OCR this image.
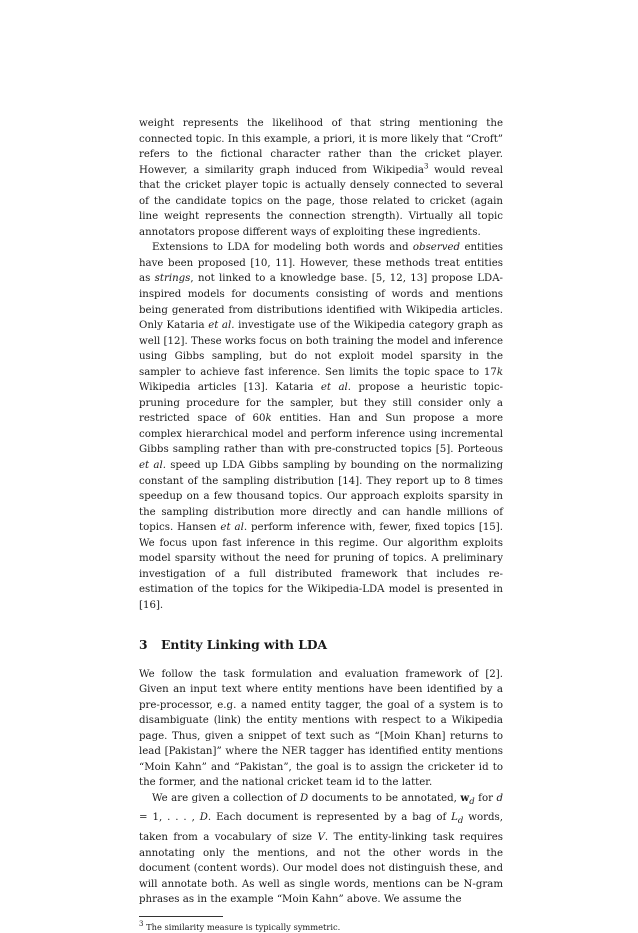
weight represents the likelihood of that string mentioning the connected topic. In this example, a priori, it is more likely that “Croft” refers to the fictional character rather than the cricket player. However, a similarity graph induced from Wikipedia$^3$ would reveal that the cricket player topic is actually densely connected to several of the candidate topics on the page, those related to cricket (again line weight represents the connection strength). Virtually all topic annotators propose different ways of exploiting these ingredients.

Extensions to LDA for modeling both words and observed entities have been proposed [10, 11]. However, these methods treat entities as strings, not linked to a knowledge base. [5, 12, 13] propose LDA-inspired models for documents consisting of words and mentions being generated from distributions identified with Wikipedia articles. Only Kataria et al. investigate use of the Wikipedia category graph as well [12]. These works focus on both training the model and inference using Gibbs sampling, but do not exploit model sparsity in the sampler to achieve fast inference. Sen limits the topic space to 17k Wikipedia articles [13]. Kataria et al. propose a heuristic topic-pruning procedure for the sampler, but they still consider only a restricted space of 60k entities. Han and Sun propose a more complex hierarchical model and perform inference using incremental Gibbs sampling rather than with pre-constructed topics [5]. Porteous et al. speed up LDA Gibbs sampling by bounding on the normalizing constant of the sampling distribution [14]. They report up to 8 times speedup on a few thousand topics. Our approach exploits sparsity in the sampling distribution more directly and can handle millions of topics. Hansen et al. perform inference with, fewer, fixed topics [15]. We focus upon fast inference in this regime. Our algorithm exploits model sparsity without the need for pruning of topics. A preliminary investigation of a full distributed framework that includes re-estimation of the topics for the Wikipedia-LDA model is presented in [16].

3 Entity Linking with LDA

We follow the task formulation and evaluation framework of [2]. Given an input text where entity mentions have been identified by a pre-processor, e.g. a named entity tagger, the goal of a system is to disambiguate (link) the entity mentions with respect to a Wikipedia page. Thus, given a snippet of text such as “[Moin Khan] returns to lead [Pakistan]” where the NER tagger has identified entity mentions “Moin Kahn” and “Pakistan”, the goal is to assign the cricketer id to the former, and the national cricket team id to the latter.

We are given a collection of D documents to be annotated, $w_d$ for d = 1, . . . , D. Each document is represented by a bag of $L_d$ words, taken from a vocabulary of size V. The entity-linking task requires annotating only the mentions, and not the other words in the document (content words). Our model does not distinguish these, and will annotate both. As well as single words, mentions can be N-gram phrases as in the example “Moin Kahn” above. We assume the

$^3$ The similarity measure is typically symmetric.
